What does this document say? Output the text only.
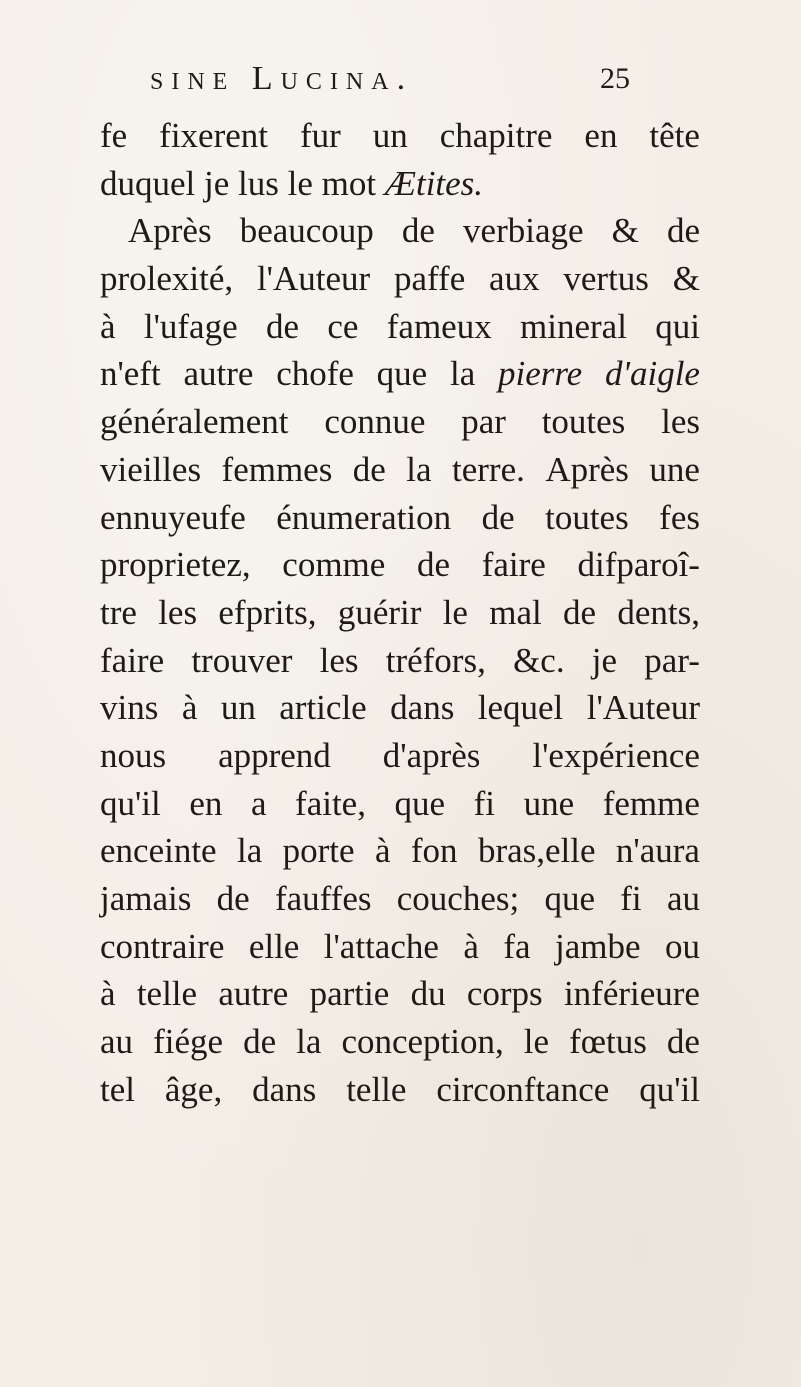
sine Lucina.	25
fe fixerent fur un chapitre en tête
duquel
je
lus
le
mot
Ætites.
Après beaucoup de verbiage & de
prolexité, l'Auteur paffe aux vertus &
à l'ufage de ce fameux mineral qui
n'eft autre chofe que la pierre d'aigle
généralement connue par toutes les
vieilles femmes de la terre. Après une
ennuyeufe énumeration de toutes fes
proprietez, comme de faire difparoî-
tre les efprits, guérir le mal de dents,
faire trouver les tréfors, &c. je par-
vins à un article dans lequel l'Auteur
nous apprend d'après l'expérience
qu'il en a faite, que fi une femme
enceinte la porte à fon bras,elle n'aura
jamais de fauffes couches; que fi au
contraire elle l'attache à fa jambe ou
à telle autre partie du corps inférieure
au fiége de la conception, le fœtus de
tel âge, dans telle circonftance qu'il
